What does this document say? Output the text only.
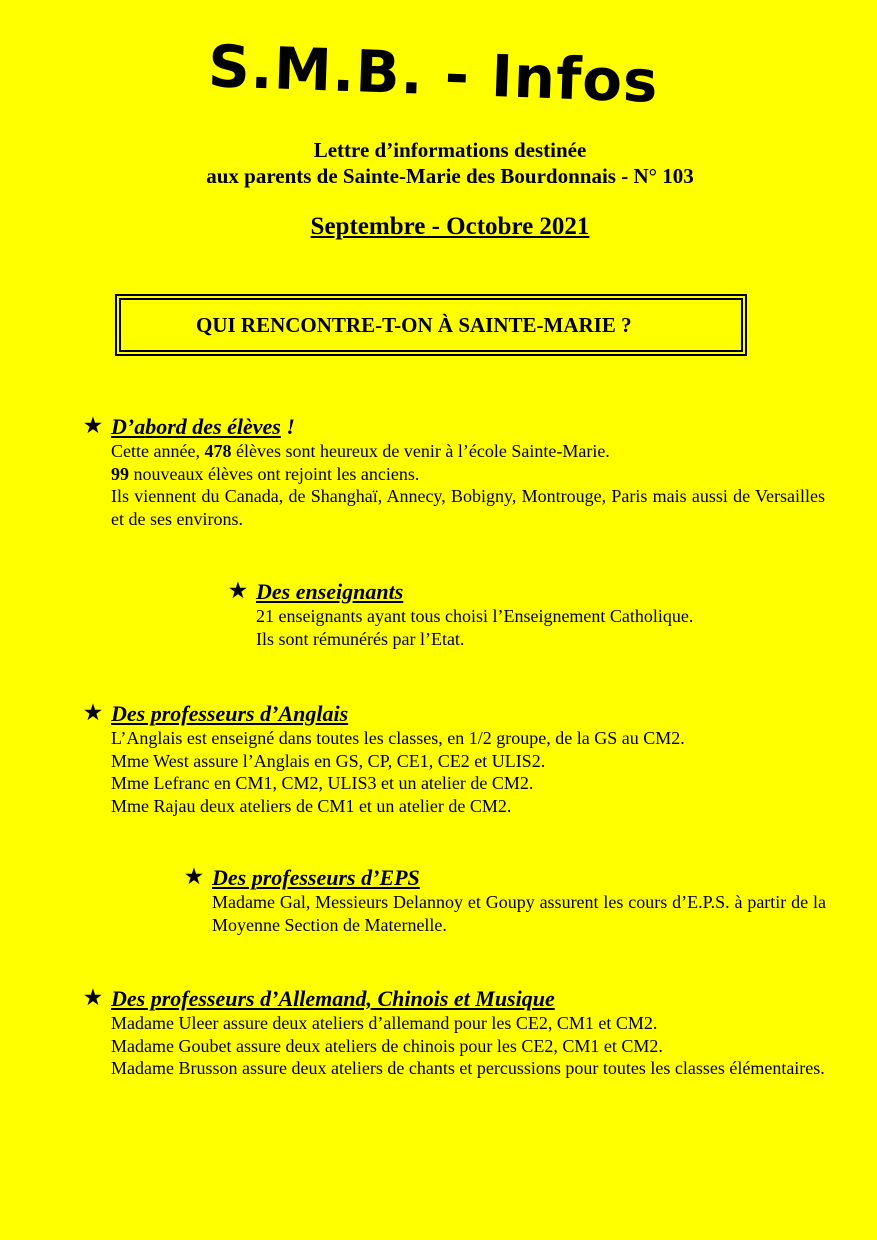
S.M.B. - Infos
Lettre d’informations destinée
aux parents de Sainte-Marie des Bourdonnais - N° 103
Septembre - Octobre 2021
QUI RENCONTRE-T-ON À SAINTE-MARIE ?
★ D’abord des élèves !

Cette année, 478 élèves sont heureux de venir à l’école Sainte-Marie.

99 nouveaux élèves ont rejoint les anciens.

Ils viennent du Canada, de Shanghaï, Annecy, Bobigny, Montrouge, Paris mais aussi de Versailles et de ses environs.

★ Des enseignants

21 enseignants ayant tous choisi l’Enseignement Catholique.

Ils sont rémunérés par l’Etat.

★ Des professeurs d’Anglais

L’Anglais est enseigné dans toutes les classes, en 1/2 groupe, de la GS au CM2.

Mme West assure l’Anglais en GS, CP, CE1, CE2 et ULIS2.

Mme Lefranc en CM1, CM2, ULIS3 et un atelier de CM2.

Mme Rajau deux ateliers de CM1 et un atelier de CM2.

★ Des professeurs d’EPS

Madame Gal, Messieurs Delannoy et Goupy assurent les cours d’E.P.S. à partir de la Moyenne Section de Maternelle.

★ Des professeurs d’Allemand, Chinois et Musique

Madame Uleer assure deux ateliers d’allemand pour les CE2, CM1 et CM2.

Madame Goubet assure deux ateliers de chinois pour les CE2, CM1 et CM2.

Madame Brusson assure deux ateliers de chants et percussions pour toutes les classes élémentaires.
